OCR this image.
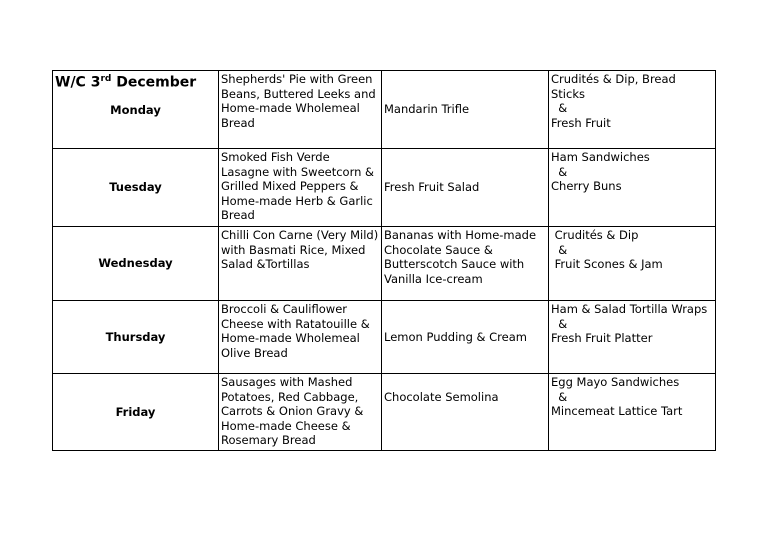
W/C 3rd December
Monday	Shepherds' Pie with Green
Beans, Buttered Leeks and
Home-made Wholemeal
Bread	Mandarin Trifle	Crudités & Dip, Bread
Sticks
&
Fresh Fruit

Tuesday	Smoked Fish Verde
Lasagne with Sweetcorn &
Grilled Mixed Peppers &
Home-made Herb & Garlic
Bread	Fresh Fruit Salad	Ham Sandwiches
&
Cherry Buns

Wednesday	Chilli Con Carne (Very Mild)
with Basmati Rice, Mixed
Salad &Tortillas	Bananas with Home-made
Chocolate Sauce &
Butterscotch Sauce with
Vanilla Ice-cream	Crudités & Dip
&
Fruit Scones & Jam

Thursday	Broccoli & Cauliflower
Cheese with Ratatouille &
Home-made Wholemeal
Olive Bread	Lemon Pudding & Cream	Ham & Salad Tortilla Wraps
&
Fresh Fruit Platter

Friday	Sausages with Mashed
Potatoes, Red Cabbage,
Carrots & Onion Gravy &
Home-made Cheese &
Rosemary Bread	Chocolate Semolina	Egg Mayo Sandwiches
&
Mincemeat Lattice Tart
